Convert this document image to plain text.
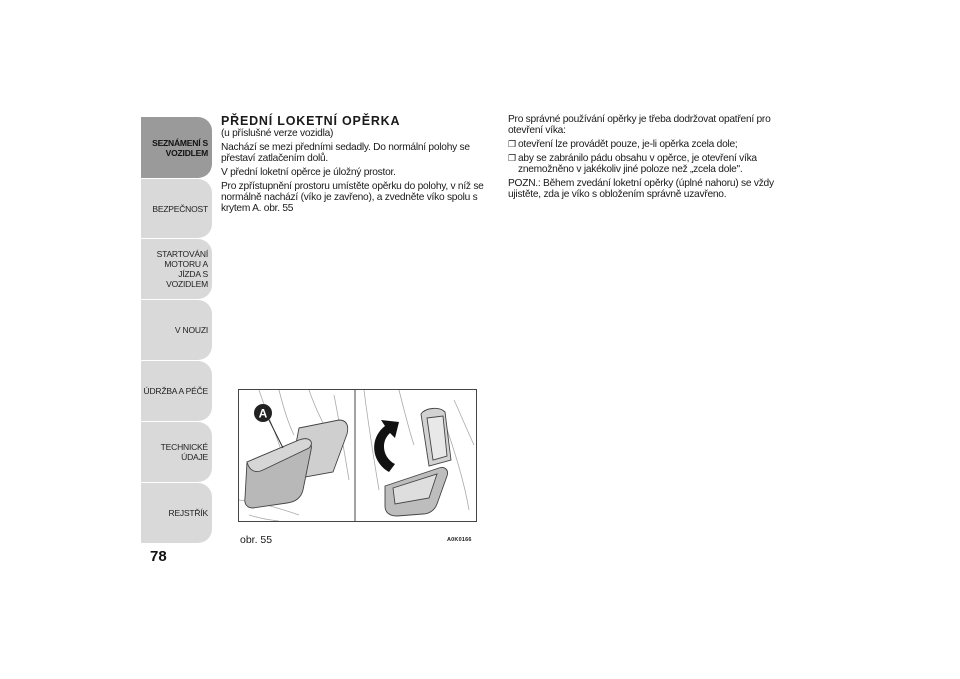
SEZNÁMENÍ S VOZIDLEM
BEZPEČNOST
STARTOVÁNÍ MOTORU A JÍZDA S VOZIDLEM
V NOUZI
ÚDRŽBA A PÉČE
TECHNICKÉ ÚDAJE
REJSTŘÍK
78
PŘEDNÍ LOKETNÍ OPĚRKA

(u příslušné verze vozidla)

Nachází se mezi předními sedadly. Do normální polohy se přestaví zatlačením dolů.

V přední loketní opěrce je úložný prostor.

Pro zpřístupnění prostoru umístěte opěrku do polohy, v níž se normálně nachází (víko je zavřeno), a zvedněte víko spolu s krytem A. obr. 55

Pro správné používání opěrky je třeba dodržovat opatření pro otevření víka:

❒ otevření lze provádět pouze, je-li opěrka zcela dole;
❒ aby se zabránilo pádu obsahu v opěrce, je otevření víka znemožněno v jakékoliv jiné poloze než „zcela dole".

POZN.: Během zvedání loketní opěrky (úplné nahoru) se vždy ujistěte, zda je víko s obložením správně uzavřeno.

A
obr. 55	A0K0166
